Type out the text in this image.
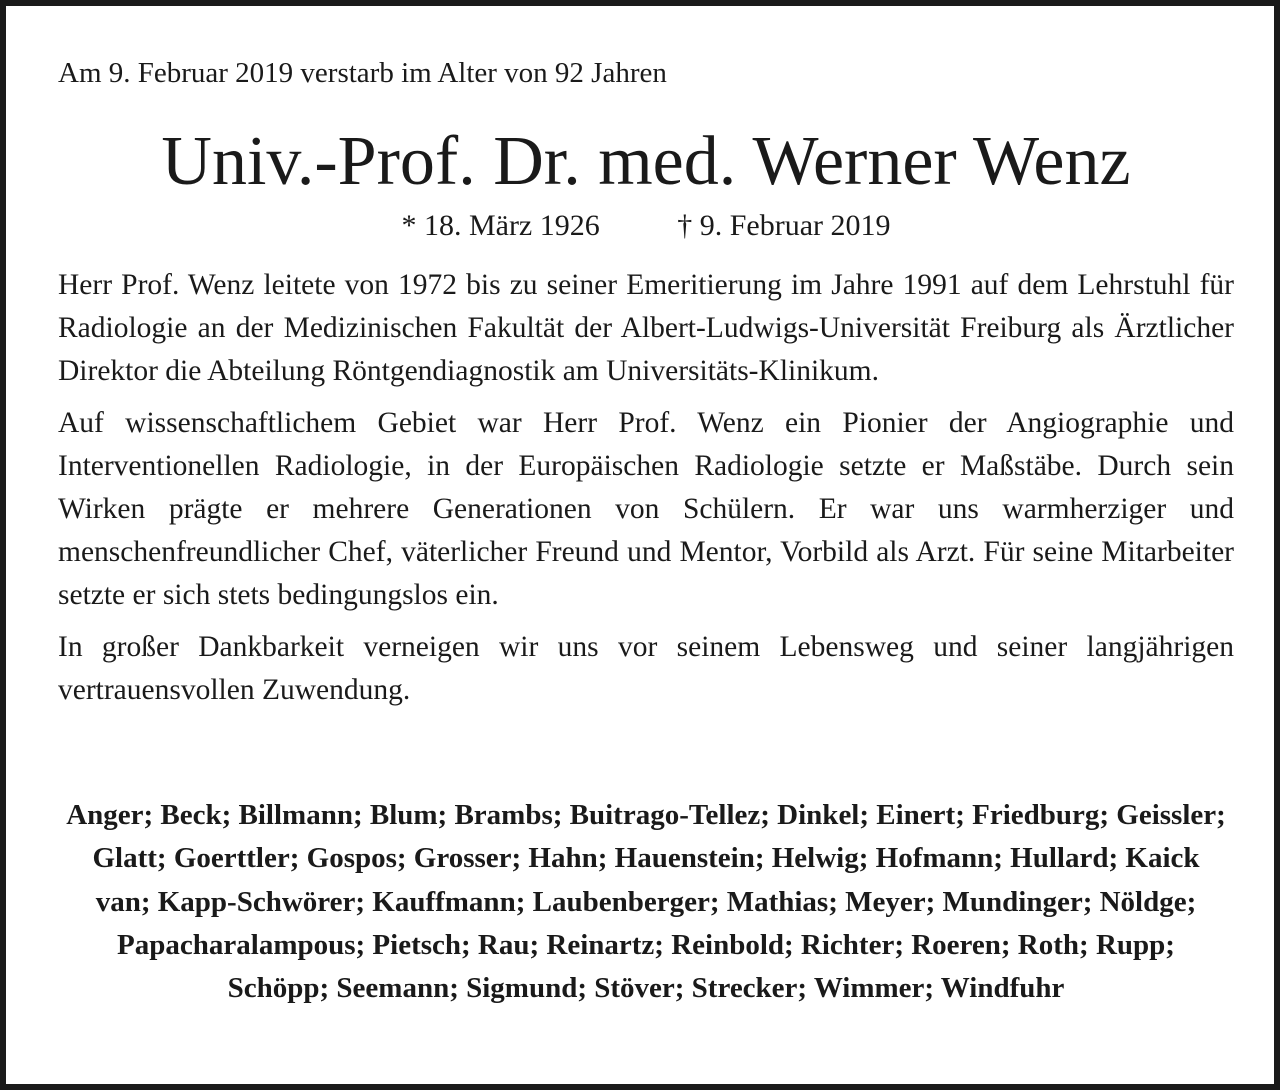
Am 9. Februar 2019 verstarb im Alter von 92 Jahren
Univ.-Prof. Dr. med. Werner Wenz
* 18. März 1926	† 9. Februar 2019

Herr Prof. Wenz leitete von 1972 bis zu seiner Emeritierung im Jahre 1991 auf dem Lehrstuhl für Radiologie an der Medizinischen Fakultät der Albert-Ludwigs-Universität Freiburg als Ärztlicher Direktor die Abteilung Röntgendiagnostik am Universitäts-Klinikum.

Auf wissenschaftlichem Gebiet war Herr Prof. Wenz ein Pionier der Angiographie und Interventionellen Radiologie, in der Europäischen Radiologie setzte er Maßstäbe. Durch sein Wirken prägte er mehrere Generationen von Schülern. Er war uns warmherziger und menschenfreundlicher Chef, väterlicher Freund und Mentor, Vorbild als Arzt. Für seine Mitarbeiter setzte er sich stets bedingungslos ein.

In großer Dankbarkeit verneigen wir uns vor seinem Lebensweg und seiner langjährigen vertrauensvollen Zuwendung.

Anger; Beck; Billmann; Blum; Brambs; Buitrago-Tellez; Dinkel; Einert; Friedburg; Geissler; Glatt; Goerttler; Gospos; Grosser; Hahn; Hauenstein; Helwig; Hofmann; Hullard; Kaick van; Kapp-Schwörer; Kauffmann; Laubenberger; Mathias; Meyer; Mundinger; Nöldge; Papacharalampous; Pietsch; Rau; Reinartz; Reinbold; Richter; Roeren; Roth; Rupp; Schöpp; Seemann; Sigmund; Stöver; Strecker; Wimmer; Windfuhr
